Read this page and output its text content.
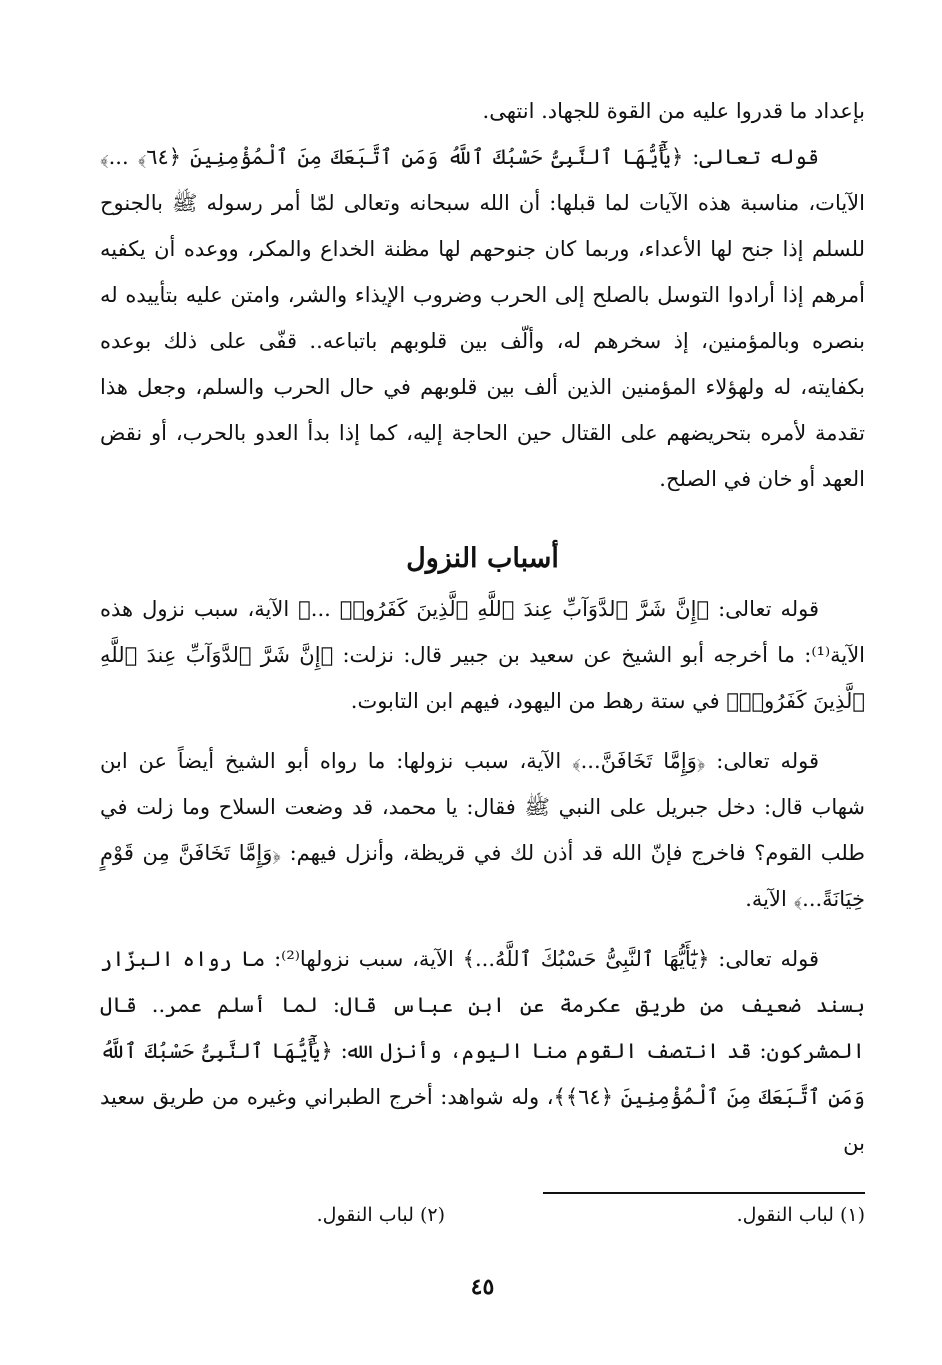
بإعداد ما قدروا عليه من القوة للجهاد. انتهى.

قوله تعالى: ﴿يَٰٓأَيُّهَا ٱلنَّبِىُّ حَسْبُكَ ٱللَّهُ وَمَنِ ٱتَّبَعَكَ مِنَ ٱلْمُؤْمِنِينَ ﴿٦٤﴾ ...﴾ الآيات، مناسبة هذه الآيات لما قبلها: أن الله سبحانه وتعالى لمّا أمر رسوله ﷺ بالجنوح للسلم إذا جنح لها الأعداء، وربما كان جنوحهم لها مظنة الخداع والمكر، ووعده أن يكفيه أمرهم إذا أرادوا التوسل بالصلح إلى الحرب وضروب الإيذاء والشر، وامتن عليه بتأييده له بنصره وبالمؤمنين، إذ سخرهم له، وألّف بين قلوبهم باتباعه.. قفّى على ذلك بوعده بكفايته، له ولهؤلاء المؤمنين الذين ألف بين قلوبهم في حال الحرب والسلم، وجعل هذا تقدمة لأمره بتحريضهم على القتال حين الحاجة إليه، كما إذا بدأ العدو بالحرب، أو نقض العهد أو خان في الصلح.

أسباب النزول

قوله تعالى: ﴿إِنَّ شَرَّ ٱلدَّوَآبِّ عِندَ ٱللَّهِ ٱلَّذِينَ كَفَرُوا۟ ...﴾ الآية، سبب نزول هذه الآية⁽¹⁾: ما أخرجه أبو الشيخ عن سعيد بن جبير قال: نزلت: ﴿إِنَّ شَرَّ ٱلدَّوَآبِّ عِندَ ٱللَّهِ ٱلَّذِينَ كَفَرُوا۟﴾ في ستة رهط من اليهود، فيهم ابن التابوت.

قوله تعالى: ﴿وَإِمَّا تَخَافَنَّ...﴾ الآية، سبب نزولها: ما رواه أبو الشيخ أيضاً عن ابن شهاب قال: دخل جبريل على النبي ﷺ فقال: يا محمد، قد وضعت السلاح وما زلت في طلب القوم؟ فاخرج فإنّ الله قد أذن لك في قريظة، وأنزل فيهم: ﴿وَإِمَّا تَخَافَنَّ مِن قَوْمٍ خِيَانَةً...﴾ الآية.

قوله تعالى: ﴿يَٰٓأَيُّهَا ٱلنَّبِىُّ حَسْبُكَ ٱللَّهُ...﴾ الآية، سبب نزولها⁽²⁾: ما رواه البزّار بسند ضعيف من طريق عكرمة عن ابن عباس قال: لما أسلم عمر.. قال المشركون: قد انتصف القوم منا اليوم، وأنزل الله: ﴿يَٰٓأَيُّهَا ٱلنَّبِىُّ حَسْبُكَ ٱللَّهُ وَمَنِ ٱتَّبَعَكَ مِنَ ٱلْمُؤْمِنِينَ ﴿٦٤﴾﴾، وله شواهد: أخرج الطبراني وغيره من طريق سعيد بن

(١) لباب النقول.
(٢) لباب النقول.
٤٥
